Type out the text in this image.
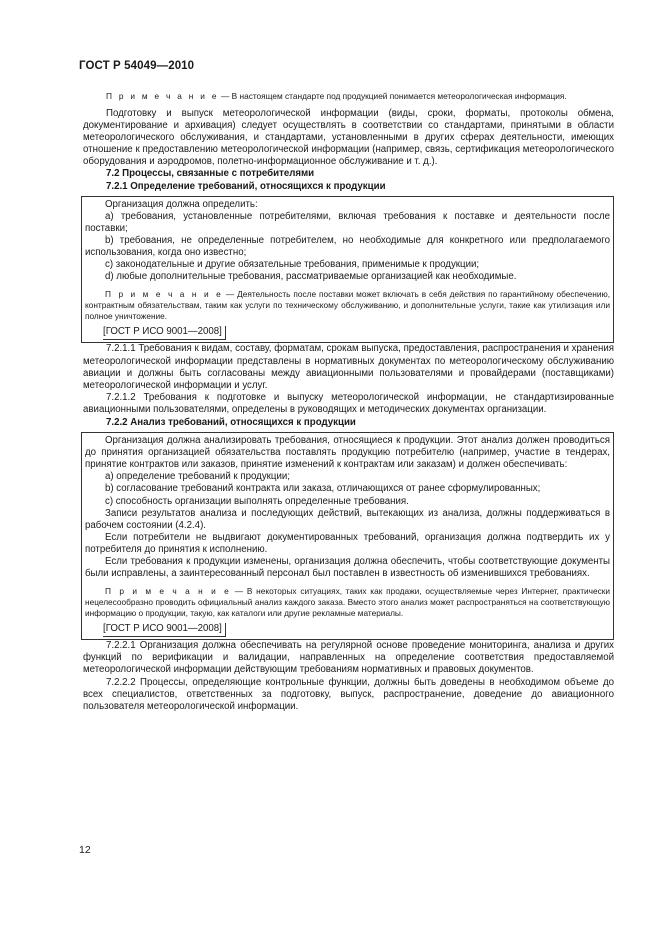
ГОСТ Р 54049—2010

П р и м е ч а н и е — В настоящем стандарте под продукцией понимается метеорологическая информация.

Подготовку и выпуск метеорологической информации (виды, сроки, форматы, протоколы обмена, документирование и архивация) следует осуществлять в соответствии со стандартами, принятыми в области метеорологического обслуживания, и стандартами, установленными в других сферах деятельности, имеющих отношение к предоставлению метеорологической информации (например, связь, сертификация метеорологического оборудования и аэродромов, полетно-информационное обслуживание и т. д.).

7.2 Процессы, связанные с потребителями

7.2.1 Определение требований, относящихся к продукции

Организация должна определить:

a) требования, установленные потребителями, включая требования к поставке и деятельности после поставки;

b) требования, не определенные потребителем, но необходимые для конкретного или предполагаемого использования, когда оно известно;

c) законодательные и другие обязательные требования, применимые к продукции;

d) любые дополнительные требования, рассматриваемые организацией как необходимые.

П р и м е ч а н и е — Деятельность после поставки может включать в себя действия по гарантийному обеспечению, контрактным обязательствам, таким как услуги по техническому обслуживанию, и дополнительные услуги, такие как утилизация или полное уничтожение.

[ГОСТ Р ИСО 9001—2008]

7.2.1.1 Требования к видам, составу, форматам, срокам выпуска, предоставления, распространения и хранения метеорологической информации представлены в нормативных документах по метеорологическому обслуживанию авиации и должны быть согласованы между авиационными пользователями и провайдерами (поставщиками) метеорологической информации и услуг.

7.2.1.2 Требования к подготовке и выпуску метеорологической информации, не стандартизированные авиационными пользователями, определены в руководящих и методических документах организации.

7.2.2 Анализ требований, относящихся к продукции

Организация должна анализировать требования, относящиеся к продукции. Этот анализ должен проводиться до принятия организацией обязательства поставлять продукцию потребителю (например, участие в тендерах, принятие контрактов или заказов, принятие изменений к контрактам или заказам) и должен обеспечивать:

a) определение требований к продукции;

b) согласование требований контракта или заказа, отличающихся от ранее сформулированных;

c) способность организации выполнять определенные требования.

Записи результатов анализа и последующих действий, вытекающих из анализа, должны поддерживаться в рабочем состоянии (4.2.4).

Если потребители не выдвигают документированных требований, организация должна подтвердить их у потребителя до принятия к исполнению.

Если требования к продукции изменены, организация должна обеспечить, чтобы соответствующие документы были исправлены, а заинтересованный персонал был поставлен в известность об изменившихся требованиях.

П р и м е ч а н и е — В некоторых ситуациях, таких как продажи, осуществляемые через Интернет, практически нецелесообразно проводить официальный анализ каждого заказа. Вместо этого анализ может распространяться на соответствующую информацию о продукции, такую, как каталоги или другие рекламные материалы.

[ГОСТ Р ИСО 9001—2008]

7.2.2.1 Организация должна обеспечивать на регулярной основе проведение мониторинга, анализа и других функций по верификации и валидации, направленных на определение соответствия предоставляемой метеорологической информации действующим требованиям нормативных и правовых документов.

7.2.2.2 Процессы, определяющие контрольные функции, должны быть доведены в необходимом объеме до всех специалистов, ответственных за подготовку, выпуск, распространение, доведение до авиационного пользователя метеорологической информации.

12
